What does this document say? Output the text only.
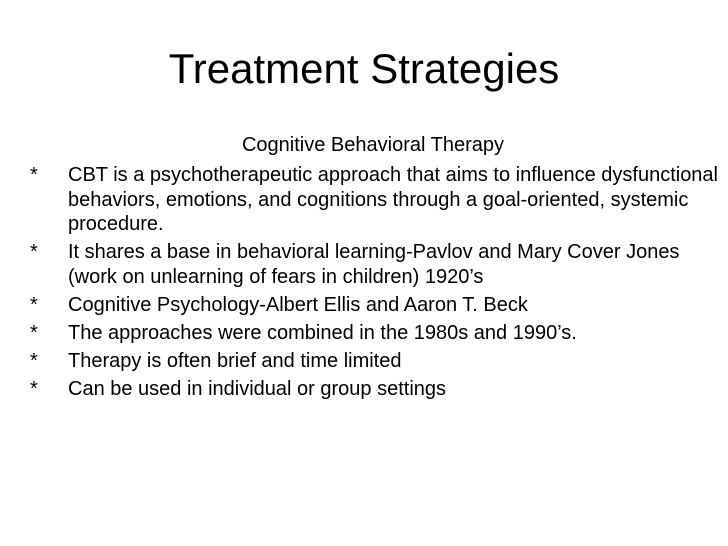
Treatment Strategies
Cognitive Behavioral Therapy
*	CBT is a psychotherapeutic approach that aims to influence dysfunctional behaviors, emotions, and cognitions through a goal-oriented, systemic procedure.
*	It shares a base in behavioral learning-Pavlov and Mary Cover Jones (work on unlearning of fears in children) 1920’s
*	Cognitive Psychology-Albert Ellis and Aaron T. Beck
*	The approaches were combined in the 1980s and 1990’s.
*	Therapy is often brief and time limited
*	Can be used in individual or group settings
